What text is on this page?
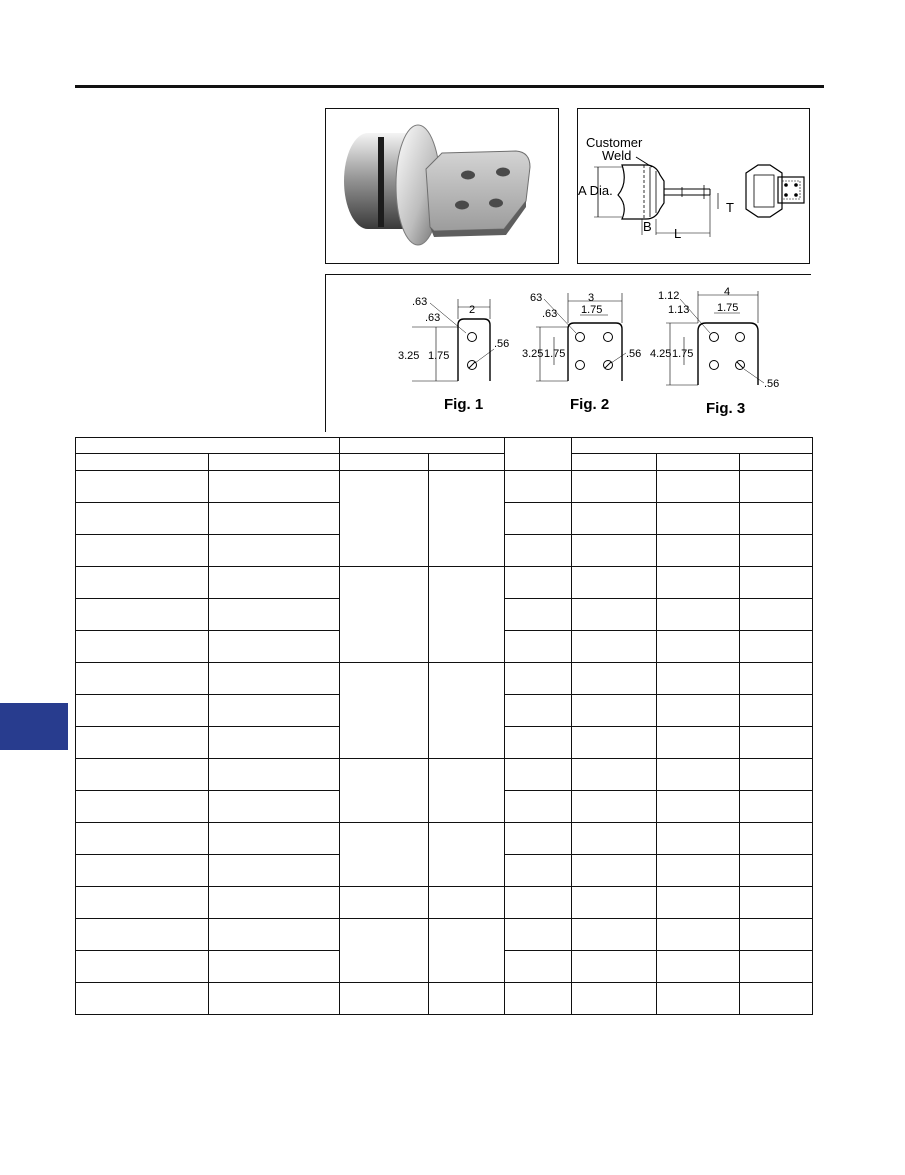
Customer
Weld
A Dia.
T
B L
2
.63
.63
3.25 1.75
.56
Fig. 1
3
1.75
63
.63
3.25 1.75	.56
Fig. 2
4
1.75
1.12
1.13
4.25 1.75
.56
Fig. 3
